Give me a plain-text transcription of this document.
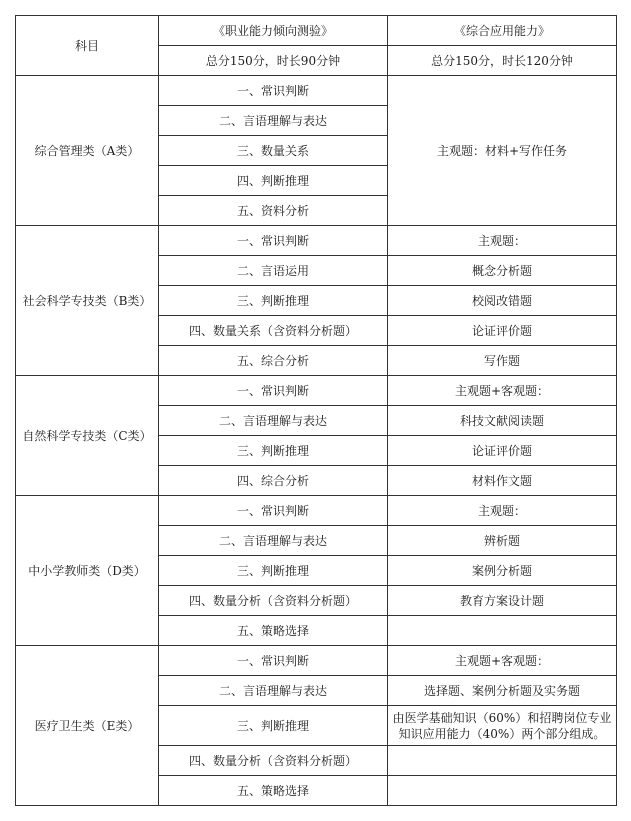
科目	《职业能力倾向测验》	《综合应用能力》
	总分150分，时长90分钟	总分150分，时长120分钟
综合管理类（A类）	一、常识判断	主观题：材料+写作任务
	二、言语理解与表达	
	三、数量关系	
	四、判断推理	
	五、资料分析	
社会科学专技类（B类）	一、常识判断	主观题：
	二、言语运用	概念分析题
	三、判断推理	校阅改错题
	四、数量关系（含资料分析题）	论证评价题
	五、综合分析	写作题
自然科学专技类（C类）	一、常识判断	主观题+客观题：
	二、言语理解与表达	科技文献阅读题
	三、判断推理	论证评价题
	四、综合分析	材料作文题
中小学教师类（D类）	一、常识判断	主观题：
	二、言语理解与表达	辨析题
	三、判断推理	案例分析题
	四、数量分析（含资料分析题）	教育方案设计题
	五、策略选择	
医疗卫生类（E类）	一、常识判断	主观题+客观题：
	二、言语理解与表达	选择题、案例分析题及实务题
	三、判断推理	由医学基础知识（60%）和招聘岗位专业知识应用能力（40%）两个部分组成。
	四、数量分析（含资料分析题）	
	五、策略选择	
